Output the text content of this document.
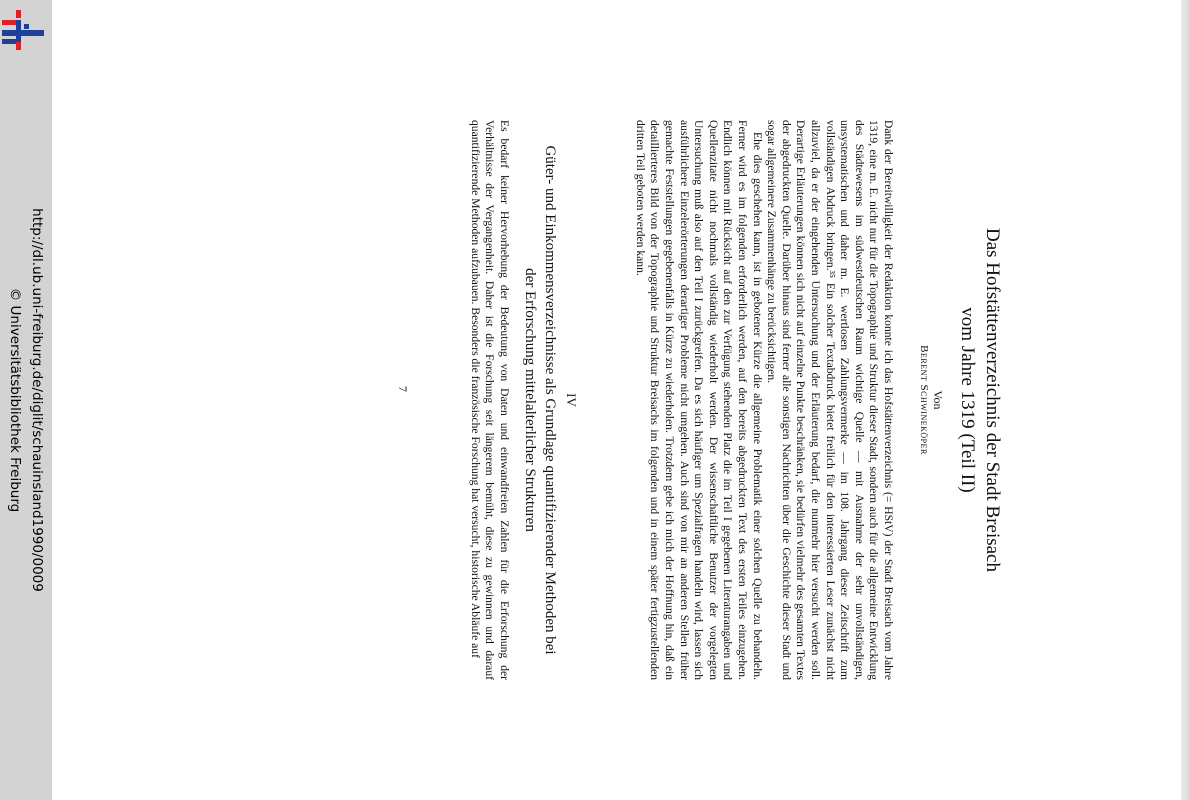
http://dl.ub.uni-freiburg.de/diglit/schauinsland1990/0009
© Universitätsbibliothek Freiburg	Das Hofstättenverzeichnis der Stadt Breisach
vom Jahre 1319 (Teil II)
Von
Berent Schwineköper

Dank der Bereitwilligkeit der Redaktion konnte ich das Hofstättenverzeichnis (= HStV) der Stadt Breisach vom Jahre 1319, eine m. E. nicht nur für die Topographie und Struktur dieser Stadt, sondern auch für die allgemeine Entwicklung des Städtewesens im südwestdeutschen Raum wichtige Quelle — mit Ausnahme der sehr unvollständigen, unsystematischen und daher m. E. wertlosen Zahlungsvermerke — im 108. Jahrgang dieser Zeitschrift zum vollständigen Abdruck bringen.³⁵ Ein solcher Textabdruck bietet freilich für den interessierten Leser zunächst nicht allzuviel, da er der eingehenden Untersuchung und der Erläuterung bedarf, die nunmehr hier versucht werden soll. Derartige Erläuterungen können sich nicht auf einzelne Punkte beschränken, sie bedürfen vielmehr des gesamten Textes der abgedruckten Quelle. Darüber hinaus sind ferner alle sonstigen Nachrichten über die Geschichte dieser Stadt und sogar allgemeinere Zusammenhänge zu berücksichtigen.

Ehe dies geschehen kann, ist in gebotener Kürze die allgemeine Problematik einer solchen Quelle zu behandeln. Ferner wird es im folgenden erforderlich werden, auf den bereits abgedruckten Text des ersten Teiles einzugehen. Endlich können mit Rücksicht auf den zur Verfügung stehenden Platz die im Teil I gegebenen Literaturangaben und Quellenzitate nicht nochmals vollständig wiederholt werden. Der wissenschaftliche Benutzer der vorgelegten Untersuchung muß also auf den Teil I zurückgreifen. Da es sich häufiger um Spezialfragen handeln wird, lassen sich ausführlichere Einzelerörterungen derartiger Probleme nicht umgehen. Auch sind von mir an anderen Stellen früher gemachte Feststellungen gegebenenfalls in Kürze zu wiederholen. Trotzdem gebe ich mich der Hoffnung hin, daß ein detaillierteres Bild von der Topographie und Struktur Breisachs im folgenden und in einem später fertigzustellenden dritten Teil geboten werden kann.

IV
Güter- und Einkommensverzeichnisse als Grundlage quantifizierender Methoden bei der Erforschung mittelalterlicher Strukturen

Es bedarf keiner Hervorhebung der Bedeutung von Daten und einwandfreien Zahlen für die Erforschung der Verhältnisse der Vergangenheit. Daher ist die Forschung seit längerem bemüht, diese zu gewinnen und darauf quantifizierende Methoden aufzubauen. Besonders die französische Forschung hat versucht, historische Abläufe auf

7
